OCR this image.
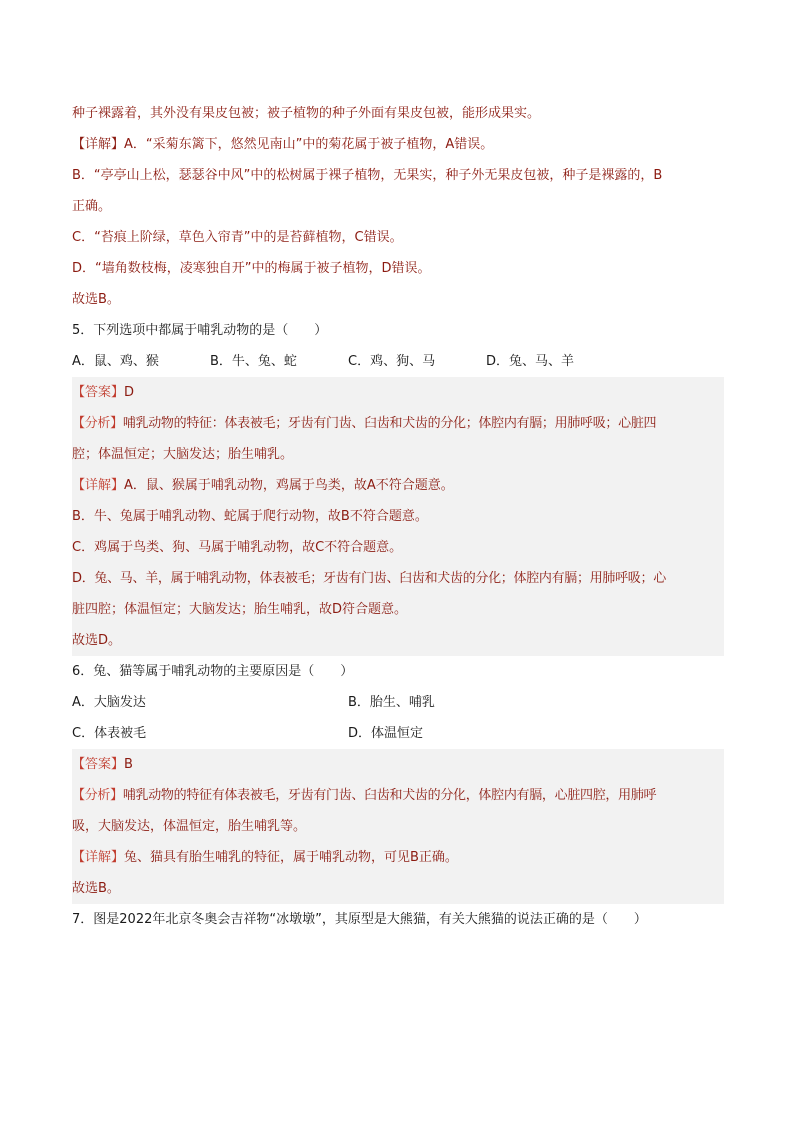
种子裸露着，其外没有果皮包被；被子植物的种子外面有果皮包被，能形成果实。
【详解】A．“采菊东篱下，悠然见南山”中的菊花属于被子植物，A错误。
B．“亭亭山上松，瑟瑟谷中风”中的松树属于裸子植物，无果实，种子外无果皮包被，种子是裸露的，B
正确。
C．“苔痕上阶绿，草色入帘青”中的是苔藓植物，C错误。
D．“墙角数枝梅，凌寒独自开”中的梅属于被子植物，D错误。
故选B。
5．下列选项中都属于哺乳动物的是（　　）
A．鼠、鸡、猴	B．牛、兔、蛇	C．鸡、狗、马	D．兔、马、羊
【答案】D
【分析】哺乳动物的特征：体表被毛；牙齿有门齿、臼齿和犬齿的分化；体腔内有膈；用肺呼吸；心脏四
腔；体温恒定；大脑发达；胎生哺乳。
【详解】A．鼠、猴属于哺乳动物，鸡属于鸟类，故A不符合题意。
B．牛、兔属于哺乳动物、蛇属于爬行动物，故B不符合题意。
C．鸡属于鸟类、狗、马属于哺乳动物，故C不符合题意。
D．兔、马、羊，属于哺乳动物，体表被毛；牙齿有门齿、臼齿和犬齿的分化；体腔内有膈；用肺呼吸；心
脏四腔；体温恒定；大脑发达；胎生哺乳，故D符合题意。
故选D。
6．兔、猫等属于哺乳动物的主要原因是（　　）
A．大脑发达	B．胎生、哺乳
C．体表被毛	D．体温恒定
【答案】B
【分析】哺乳动物的特征有体表被毛，牙齿有门齿、臼齿和犬齿的分化，体腔内有膈，心脏四腔，用肺呼
吸，大脑发达，体温恒定，胎生哺乳等。
【详解】兔、猫具有胎生哺乳的特征，属于哺乳动物，可见B正确。
故选B。
7．图是2022年北京冬奥会吉祥物“冰墩墩”，其原型是大熊猫，有关大熊猫的说法正确的是（　　）
